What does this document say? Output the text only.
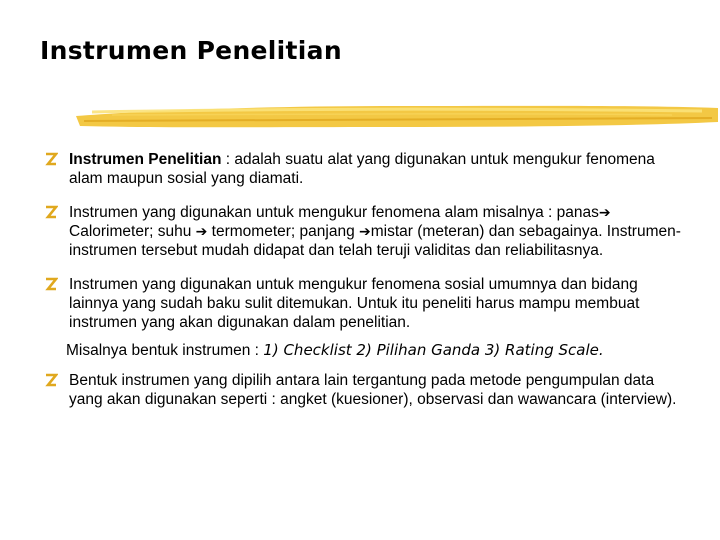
Instrumen Penelitian
Instrumen Penelitian : adalah suatu alat yang digunakan untuk mengukur fenomena alam maupun sosial yang diamati.
Instrumen yang digunakan untuk mengukur fenomena alam misalnya : panas➔ Calorimeter; suhu ➔ termometer; panjang ➔mistar (meteran) dan sebagainya. Instrumen-instrumen tersebut mudah didapat dan telah teruji validitas dan reliabilitasnya.
Instrumen yang digunakan untuk mengukur fenomena sosial umumnya dan bidang lainnya yang sudah baku sulit ditemukan. Untuk itu peneliti harus mampu membuat instrumen yang akan digunakan dalam penelitian.
Misalnya bentuk instrumen : 1) Checklist 2) Pilihan Ganda 3) Rating Scale.
Bentuk instrumen yang dipilih antara lain tergantung pada metode pengumpulan data yang akan digunakan seperti : angket (kuesioner), observasi dan wawancara (interview).
